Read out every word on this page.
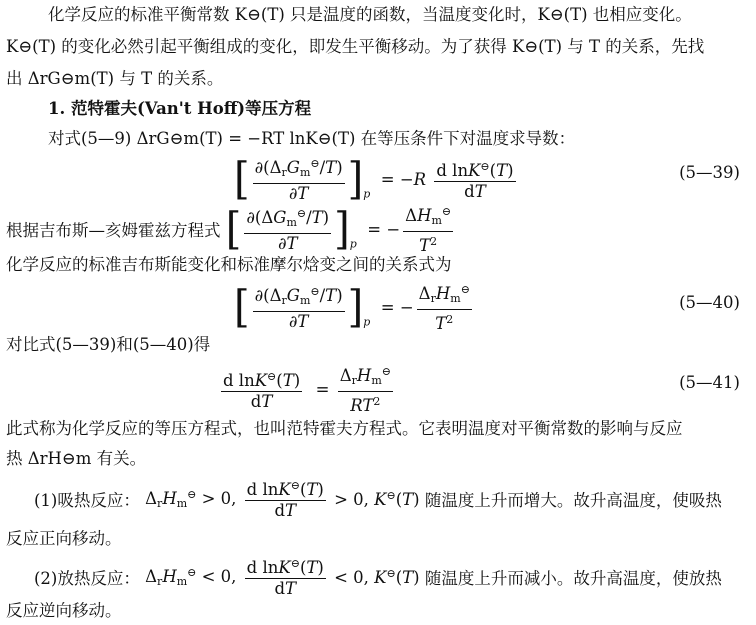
化学反应的标准平衡常数 K⊖(T) 只是温度的函数，当温度变化时，K⊖(T) 也相应变化。
K⊖(T) 的变化必然引起平衡组成的变化，即发生平衡移动。为了获得 K⊖(T) 与 T 的关系，先找
出 ΔrG⊖m(T) 与 T 的关系。
1. 范特霍夫(Van't Hoff)等压方程
对式(5—9) ΔrG⊖m(T) = −RT lnK⊖(T) 在等压条件下对温度求导数：
[ $\frac{\partial(\Delta_rG_m^⊖/T)}{\partial T} ]_p = -R \frac{d \ln K^⊖(T)}{dT}$	(5—39)
根据吉布斯—亥姆霍兹方程式 [ $\frac{\partial(\Delta G_m^⊖/T)}{\partial T} ]_p$  = − $\frac{\Delta H_m^⊖}{T^2}$
化学反应的标准吉布斯能变化和标准摩尔焓变之间的关系式为
[ $\frac{\partial(\Delta_rG_m^⊖/T)}{\partial T} ]_p$  = − $\frac{\Delta_rH_m^⊖}{T^2}$	(5—40)
对比式(5—39)和(5—40)得
$\frac{d \ln K^⊖(T)}{dT} = \frac{\Delta_rH_m^⊖}{RT^2}$	(5—41)
此式称为化学反应的等压方程式，也叫范特霍夫方程式。它表明温度对平衡常数的影响与反应
热 ΔrH⊖m 有关。
(1)吸热反应： $\Delta_rH_m^⊖ > 0$, $\frac{d \ln K^⊖(T)}{dT} > 0$, K⊖(T) 随温度上升而增大。故升高温度，使吸热
反应正向移动。
(2)放热反应： $\Delta_rH_m^⊖ < 0$, $\frac{d \ln K^⊖(T)}{dT} < 0$, K⊖(T) 随温度上升而减小。故升高温度，使放热
反应逆向移动。
